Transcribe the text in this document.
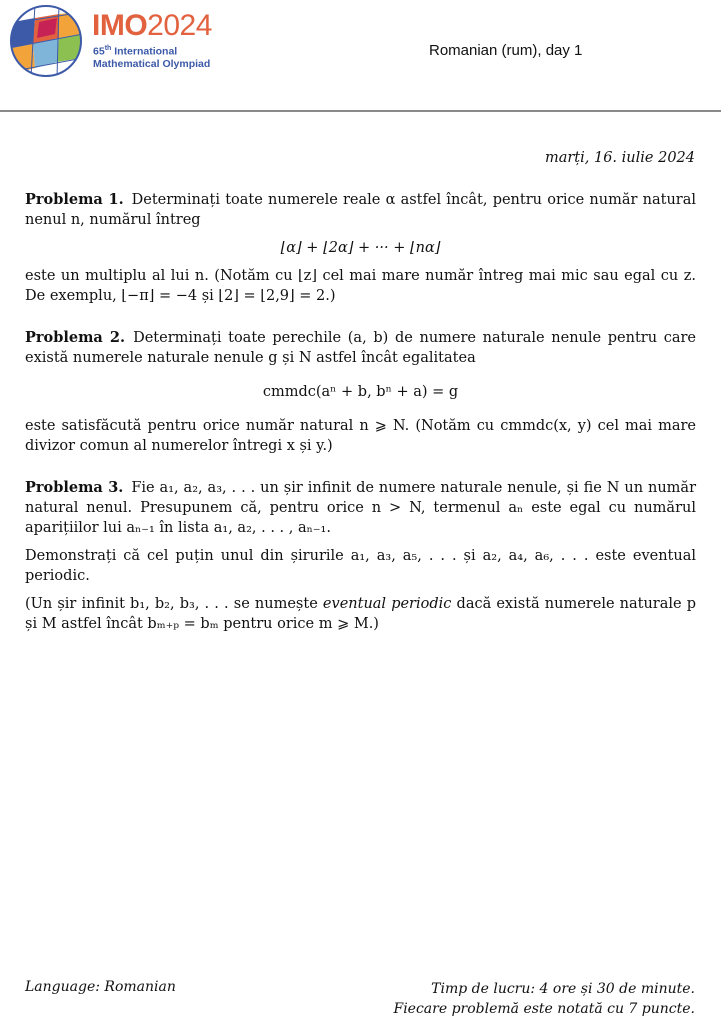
IMO2024
65th International
Mathematical Olympiad
Romanian (rum), day 1
marți, 16. iulie 2024

Problema 1. Determinați toate numerele reale α astfel încât, pentru orice număr natural nenul n, numărul întreg

⌊α⌋ + ⌊2α⌋ + ··· + ⌊nα⌋

este un multiplu al lui n. (Notăm cu ⌊z⌋ cel mai mare număr întreg mai mic sau egal cu z. De exemplu, ⌊−π⌋ = −4 și ⌊2⌋ = ⌊2,9⌋ = 2.)

Problema 2. Determinați toate perechile (a, b) de numere naturale nenule pentru care există numerele naturale nenule g și N astfel încât egalitatea

cmmdc(aⁿ + b, bⁿ + a) = g

este satisfăcută pentru orice număr natural n ⩾ N. (Notăm cu cmmdc(x, y) cel mai mare divizor comun al numerelor întregi x și y.)

Problema 3. Fie a₁, a₂, a₃, . . . un șir infinit de numere naturale nenule, și fie N un număr natural nenul. Presupunem că, pentru orice n > N, termenul aₙ este egal cu numărul aparițiilor lui aₙ₋₁ în lista a₁, a₂, . . . , aₙ₋₁.

Demonstrați că cel puțin unul din șirurile a₁, a₃, a₅, . . . și a₂, a₄, a₆, . . . este eventual periodic.

(Un șir infinit b₁, b₂, b₃, . . . se numește eventual periodic dacă există numerele naturale p și M astfel încât bₘ₊ₚ = bₘ pentru orice m ⩾ M.)

Language: Romanian	Timp de lucru: 4 ore și 30 de minute.
Fiecare problemă este notată cu 7 puncte.
